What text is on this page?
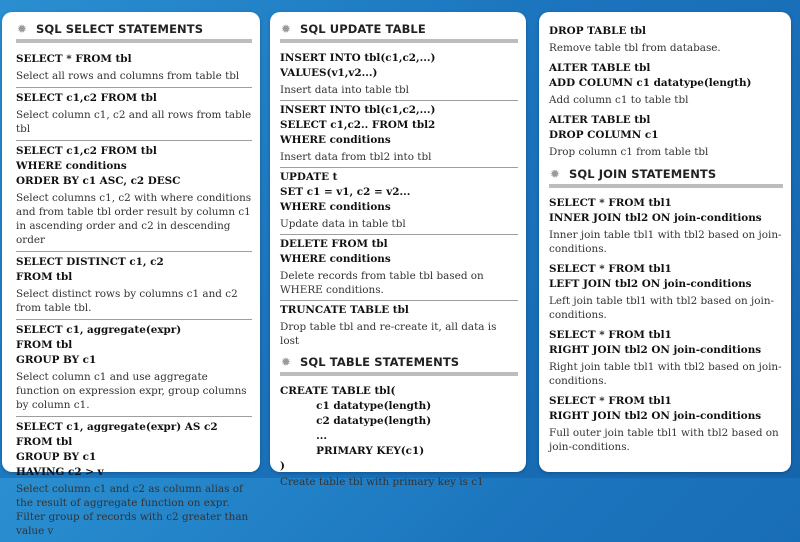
✹ SQL SELECT STATEMENTS
SELECT * FROM tbl
Select all rows and columns from table tbl
SELECT c1,c2 FROM tbl
Select column c1, c2 and all rows from table tbl
SELECT c1,c2 FROM tbl
WHERE conditions
ORDER BY c1 ASC, c2 DESC
Select columns c1, c2 with where conditions and from table tbl order result by column c1 in ascending order and c2 in descending order
SELECT DISTINCT c1, c2
FROM tbl
Select distinct rows by columns c1 and c2 from table tbl.
SELECT c1, aggregate(expr)
FROM tbl
GROUP BY c1
Select column c1 and use aggregate function on expression expr, group columns by column c1.
SELECT c1, aggregate(expr) AS c2
FROM tbl
GROUP BY c1
HAVING c2 > v
Select column c1 and c2 as column alias of the result of aggregate function on expr. Filter group of records with c2 greater than value v
✹ SQL UPDATE TABLE
INSERT INTO tbl(c1,c2,...)
VALUES(v1,v2...)
Insert data into table tbl
INSERT INTO tbl(c1,c2,...)
SELECT c1,c2.. FROM tbl2
WHERE conditions
Insert data from tbl2 into tbl
UPDATE t
SET c1 = v1, c2 = v2...
WHERE conditions
Update data in table tbl
DELETE FROM tbl
WHERE conditions
Delete records from table tbl based on WHERE conditions.
TRUNCATE TABLE tbl
Drop table tbl and re-create it, all data is lost
✹ SQL TABLE STATEMENTS
CREATE TABLE tbl(
c1 datatype(length)
c2 datatype(length)
...
PRIMARY KEY(c1)
)
Create table tbl with primary key is c1
DROP TABLE tbl
Remove table tbl from database.
ALTER TABLE tbl
ADD COLUMN c1 datatype(length)
Add column c1 to table tbl
ALTER TABLE tbl
DROP COLUMN c1
Drop column c1 from table tbl
✹ SQL JOIN STATEMENTS
SELECT * FROM tbl1
INNER JOIN tbl2 ON join-conditions
Inner join table tbl1 with tbl2 based on join-conditions.
SELECT * FROM tbl1
LEFT JOIN tbl2 ON join-conditions
Left join table tbl1 with tbl2 based on join-conditions.
SELECT * FROM tbl1
RIGHT JOIN tbl2 ON join-conditions
Right join table tbl1 with tbl2 based on join-conditions.
SELECT * FROM tbl1
RIGHT JOIN tbl2 ON join-conditions
Full outer join table tbl1 with tbl2 based on join-conditions.
